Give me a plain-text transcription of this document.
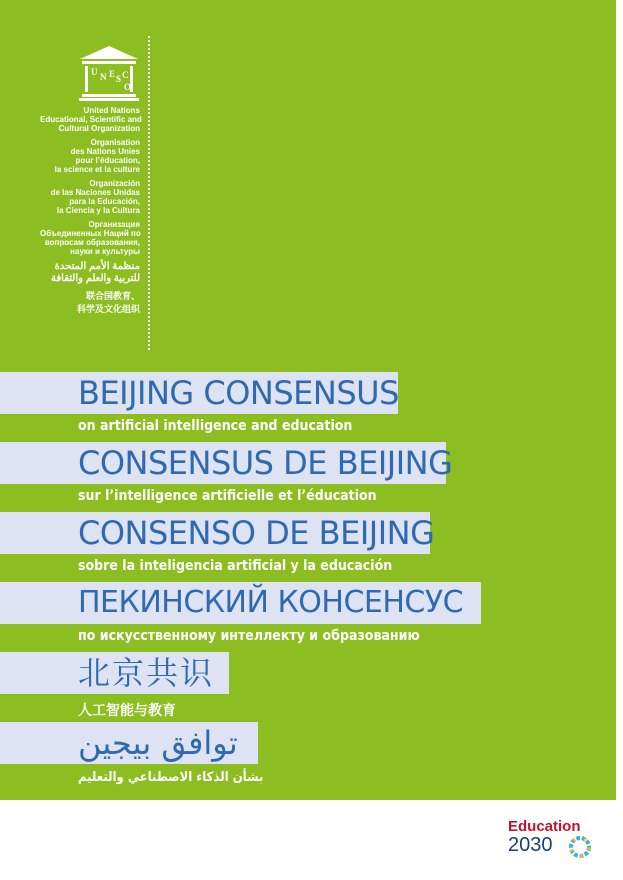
U N E S C
O
United Nations
Educational, Scientific and
Cultural Organization
Organisation
des Nations Unies
pour l’éducation,
la science et la culture
Organización
de las Naciones Unidas
para la Educación,
la Ciencia y la Cultura
Организация
Объединенных Наций по
вопросам образования,
науки и культуры
منظمة الأمم المتحدة
للتربية والعلم والثقافة
联合国教育、
科学及文化组织
BEIJING CONSENSUS
on artificial intelligence and education
CONSENSUS DE BEIJING
sur l’intelligence artificielle et l’éducation
CONSENSO DE BEIJING
sobre la inteligencia artificial y la educación
ПЕКИНСКИЙ КОНСЕНСУС
по искусственному интеллекту и образованию
北京共识
人工智能与教育
توافق بيجين
بشأن الذكاء الاصطناعي والتعليم
Education
2030
